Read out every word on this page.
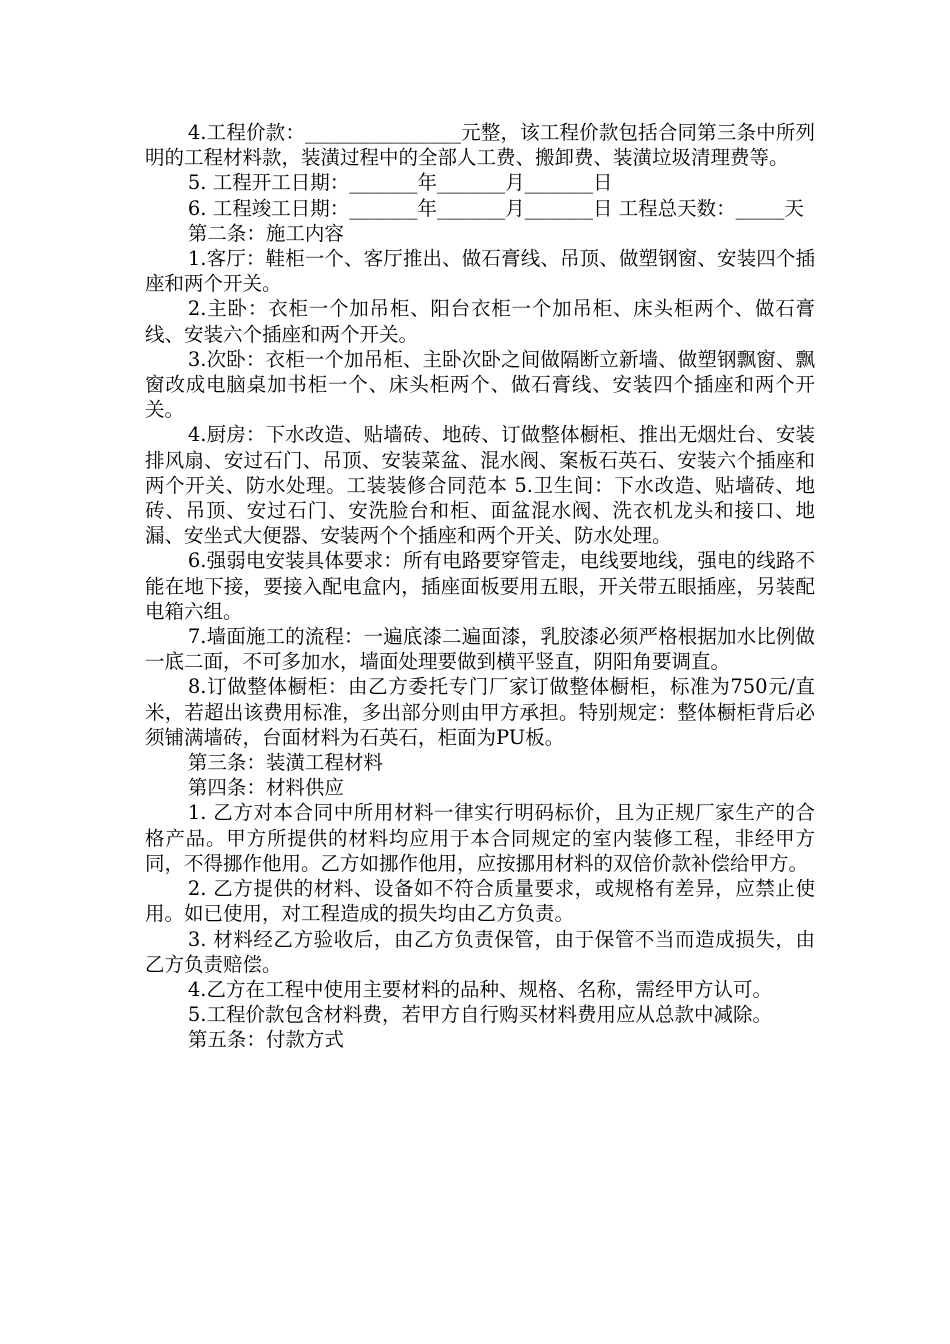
4.工程价款：________________元整，该工程价款包括合同第三条中所列明的工程材料款，装潢过程中的全部人工费、搬卸费、装潢垃圾清理费等。

5. 工程开工日期：_______年_______月_______日

6. 工程竣工日期：_______年_______月_______日 工程总天数：_____天

第二条：施工内容

1.客厅：鞋柜一个、客厅推出、做石膏线、吊顶、做塑钢窗、安装四个插座和两个开关。

2.主卧：衣柜一个加吊柜、阳台衣柜一个加吊柜、床头柜两个、做石膏线、安装六个插座和两个开关。

3.次卧：衣柜一个加吊柜、主卧次卧之间做隔断立新墙、做塑钢飘窗、飘窗改成电脑桌加书柜一个、床头柜两个、做石膏线、安装四个插座和两个开关。

4.厨房：下水改造、贴墙砖、地砖、订做整体橱柜、推出无烟灶台、安装排风扇、安过石门、吊顶、安装菜盆、混水阀、案板石英石、安装六个插座和两个开关、防水处理。工装装修合同范本 5.卫生间：下水改造、贴墙砖、地砖、吊顶、安过石门、安洗脸台和柜、面盆混水阀、洗衣机龙头和接口、地漏、安坐式大便器、安装两个个插座和两个开关、防水处理。

6.强弱电安装具体要求：所有电路要穿管走，电线要地线，强电的线路不能在地下接，要接入配电盒内，插座面板要用五眼，开关带五眼插座，另装配电箱六组。

7.墙面施工的流程：一遍底漆二遍面漆，乳胶漆必须严格根据加水比例做一底二面，不可多加水，墙面处理要做到横平竖直，阴阳角要调直。

8.订做整体橱柜：由乙方委托专门厂家订做整体橱柜，标准为750元/直米，若超出该费用标准，多出部分则由甲方承担。特别规定：整体橱柜背后必须铺满墙砖，台面材料为石英石，柜面为PU板。

第三条：装潢工程材料

第四条：材料供应

1. 乙方对本合同中所用材料一律实行明码标价，且为正规厂家生产的合格产品。甲方所提供的材料均应用于本合同规定的室内装修工程，非经甲方同，不得挪作他用。乙方如挪作他用，应按挪用材料的双倍价款补偿给甲方。

2. 乙方提供的材料、设备如不符合质量要求，或规格有差异，应禁止使用。如已使用，对工程造成的损失均由乙方负责。

3. 材料经乙方验收后，由乙方负责保管，由于保管不当而造成损失，由乙方负责赔偿。

4.乙方在工程中使用主要材料的品种、规格、名称，需经甲方认可。

5.工程价款包含材料费，若甲方自行购买材料费用应从总款中减除。

第五条：付款方式
